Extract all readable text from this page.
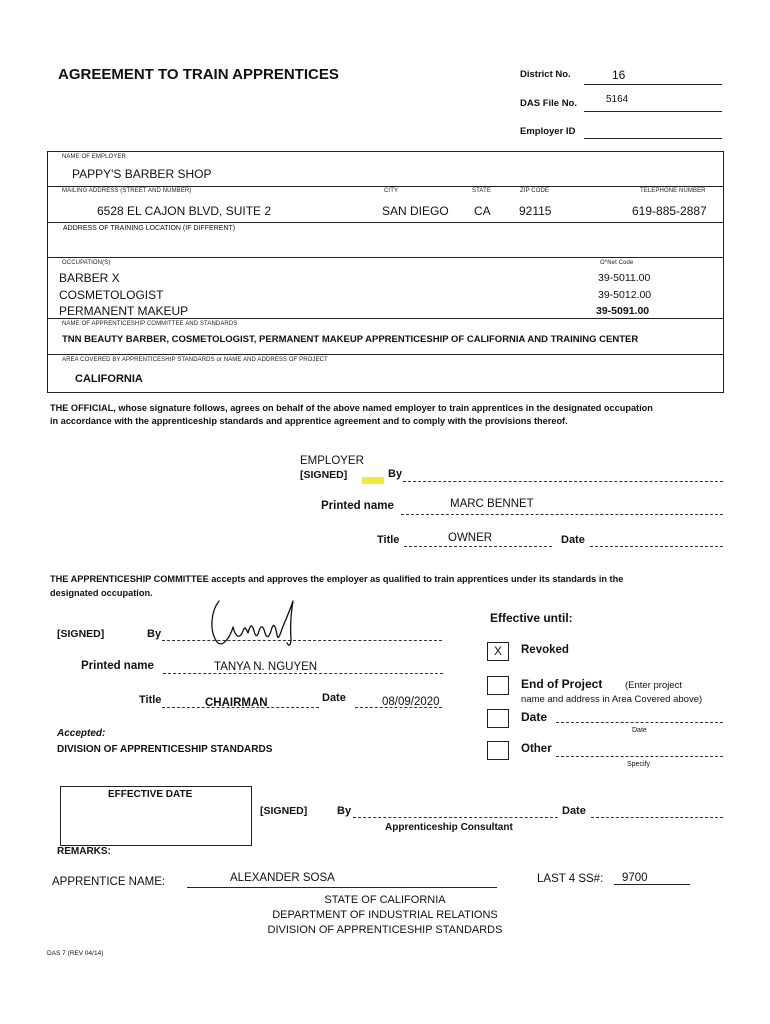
AGREEMENT TO TRAIN APPRENTICES	District No.	16
DAS File No.	5164
Employer ID
NAME OF EMPLOYER
PAPPY'S BARBER SHOP
MAILING ADDRESS (STREET AND NUMBER)	CITY	STATE	ZIP CODE	TELEPHONE NUMBER
6528 EL CAJON BLVD, SUITE 2	SAN DIEGO CA 92115	619-885-2887
ADDRESS OF TRAINING LOCATION (IF DIFFERENT)
OCCUPATION(S)	O*Net Code
BARBER X	39-5011.00
COSMETOLOGIST	39-5012.00
PERMANENT MAKEUP	39-5091.00
NAME OF APPRENTICESHIP COMMITTEE AND STANDARDS
TNN BEAUTY BARBER, COSMETOLOGIST, PERMANENT MAKEUP APPRENTICESHIP OF CALIFORNIA AND TRAINING CENTER
AREA COVERED BY APPRENTICESHIP STANDARDS or NAME AND ADDRESS OF PROJECT
CALIFORNIA
THE OFFICIAL, whose signature follows, agrees on behalf of the above named employer to train apprentices in the designated occupation
in accordance with the apprenticeship standards and apprentice agreement and to comply with the provisions thereof.
EMPLOYER
[SIGNED]	By
Printed name	MARC BENNET
Title	OWNER	Date
THE APPRENTICESHIP COMMITTEE accepts and approves the employer as qualified to train apprentices under its standards in the
designated occupation.
[SIGNED]	By
Printed name	TANYA N. NGUYEN
Title	CHAIRMAN	Date	08/09/2020
Effective until:
X	Revoked
End of Project (Enter project
name and address in Area Covered above)
Date
Date
Other
Specify
Accepted:
DIVISION OF APPRENTICESHIP STANDARDS
EFFECTIVE DATE
[SIGNED]	By	Date
Apprenticeship Consultant
REMARKS:
APPRENTICE NAME:	ALEXANDER SOSA	LAST 4 SS#: 9700
STATE OF CALIFORNIA
DEPARTMENT OF INDUSTRIAL RELATIONS
DIVISION OF APPRENTICESHIP STANDARDS
DAS 7 (REV 04/14)
